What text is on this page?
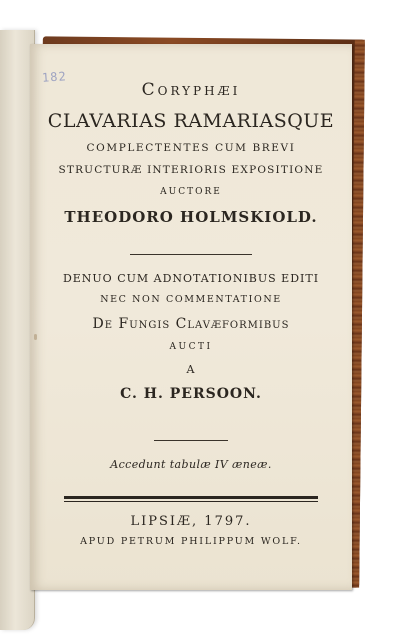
Coryphæi
CLAVARIAS RAMARIASQUE
COMPLECTENTES CUM BREVI
STRUCTURÆ INTERIORIS EXPOSITIONE
AUCTORE
THEODORO HOLMSKIOLD.
DENUO CUM ADNOTATIONIBUS EDITI
NEC NON COMMENTATIONE
De Fungis Clavæformibus
AUCTI
A
C. H. PERSOON.
Accedunt tabulæ IV æneæ.
LIPSIÆ, 1797.
APUD PETRUM PHILIPPUM WOLF.
182
